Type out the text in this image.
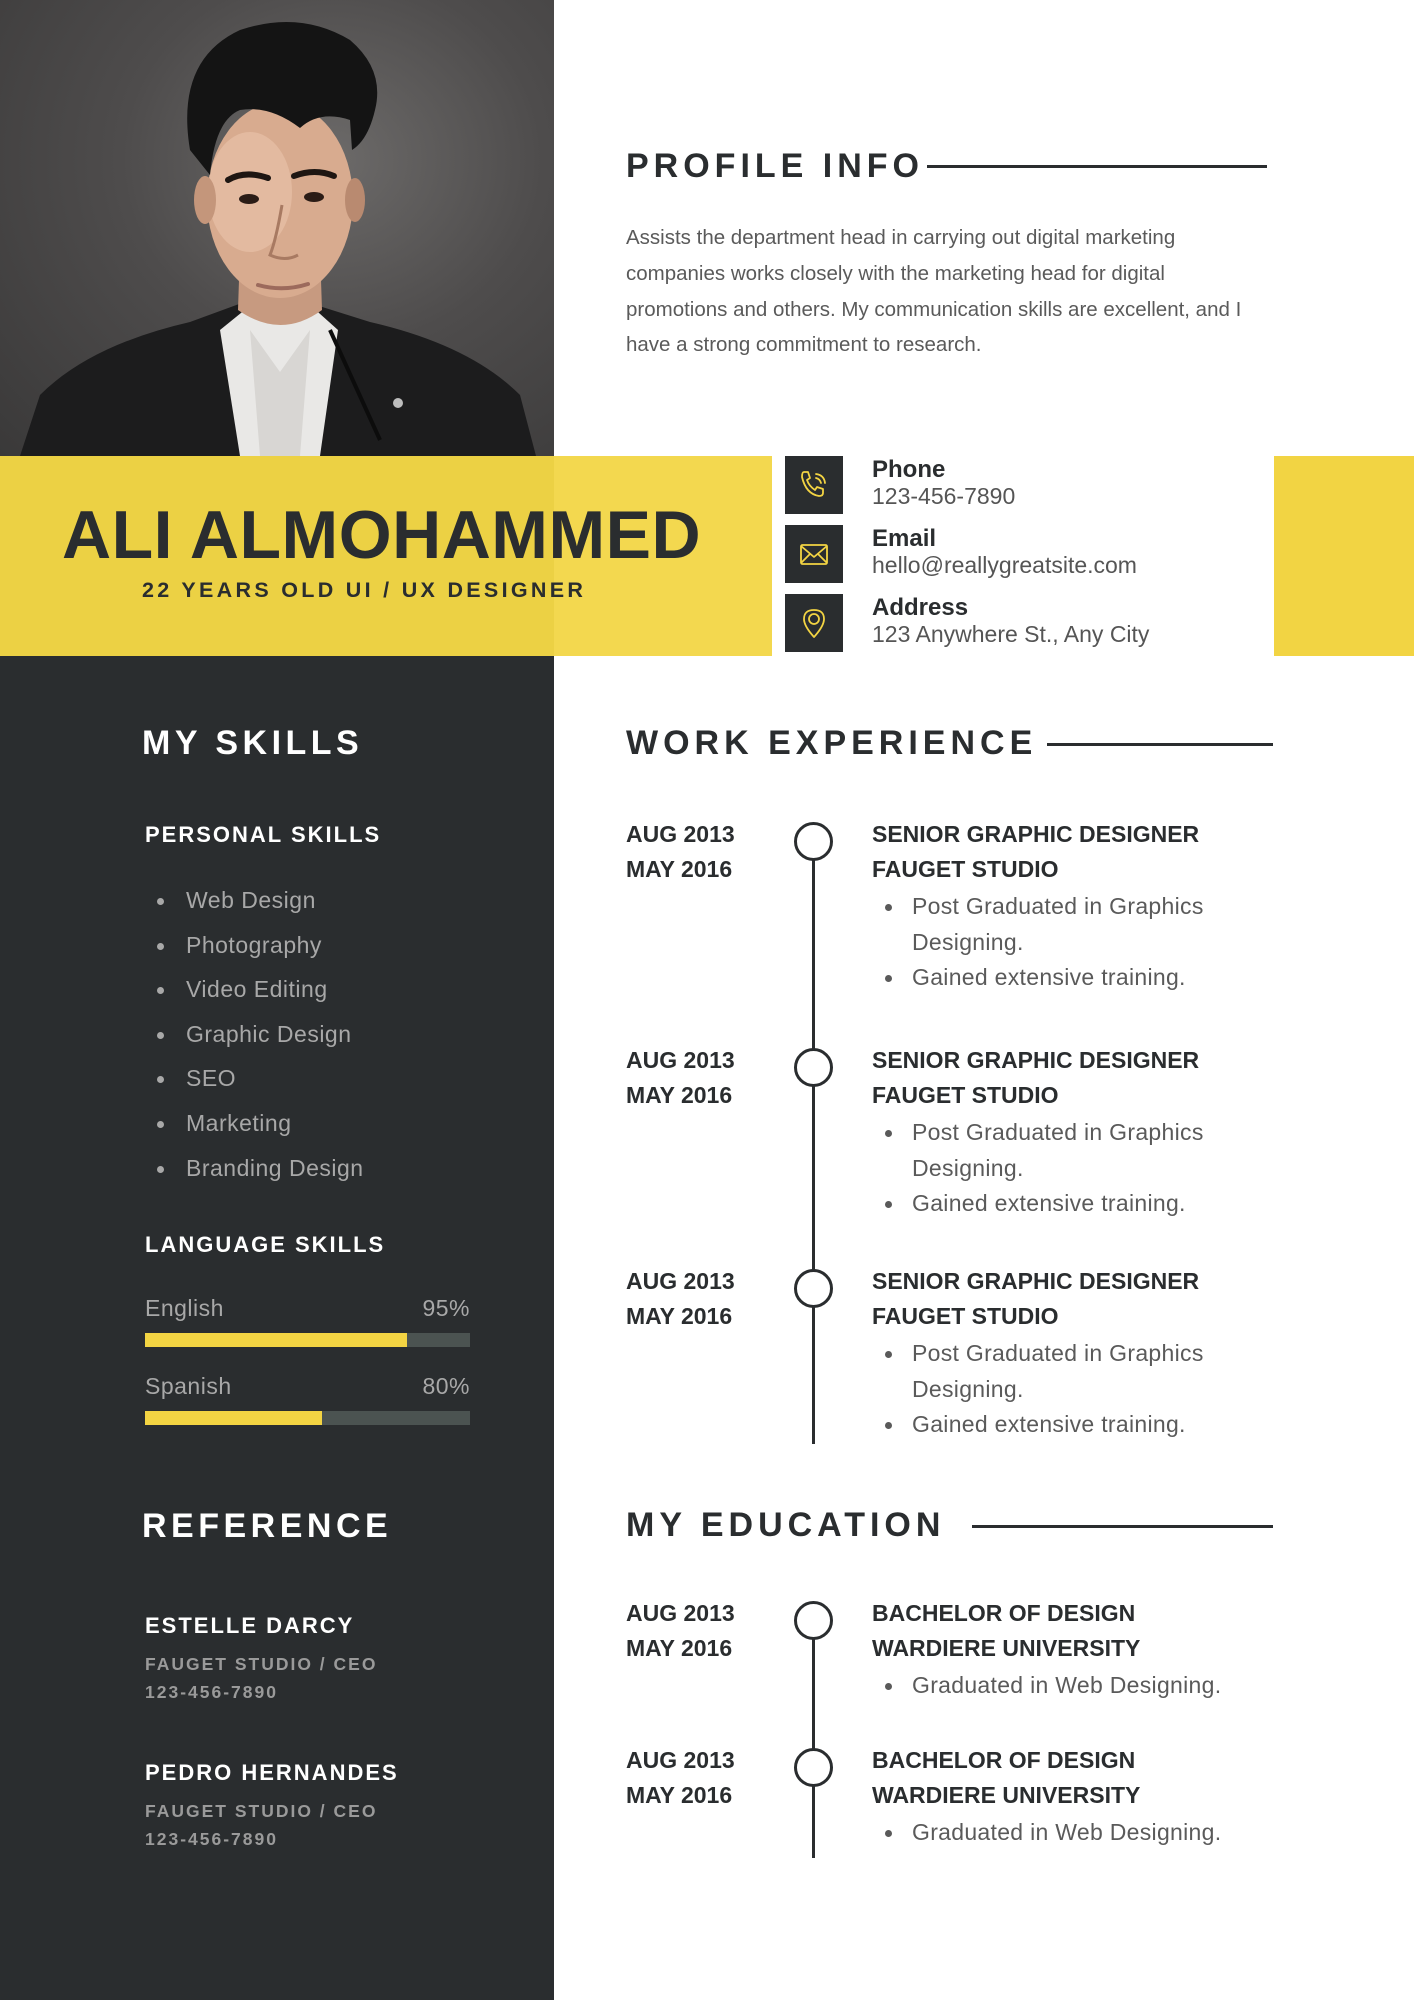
ALI ALMOHAMMED
22 YEARS OLD UI / UX DESIGNER
PROFILE INFO

Assists the department head in carrying out digital marketing companies works closely with the marketing head for digital promotions and others. My communication skills are excellent, and I have a strong commitment to research.

Phone
123-456-7890
Email
hello@reallygreatsite.com
Address
123 Anywhere St., Any City
MY SKILLS
PERSONAL SKILLS
Web Design
Photography
Video Editing
Graphic Design
SEO
Marketing
Branding Design
LANGUAGE SKILLS
English	95%
Spanish	80%
REFERENCE
ESTELLE DARCY
FAUGET STUDIO / CEO
123-456-7890
PEDRO HERNANDES
FAUGET STUDIO / CEO
123-456-7890
WORK EXPERIENCE
AUG 2013
MAY 2016
SENIOR GRAPHIC DESIGNER
FAUGET STUDIO
Post Graduated in Graphics Designing.
Gained extensive training.
AUG 2013
MAY 2016
SENIOR GRAPHIC DESIGNER
FAUGET STUDIO
Post Graduated in Graphics Designing.
Gained extensive training.
AUG 2013
MAY 2016
SENIOR GRAPHIC DESIGNER
FAUGET STUDIO
Post Graduated in Graphics Designing.
Gained extensive training.
MY EDUCATION
AUG 2013
MAY 2016
BACHELOR OF DESIGN
WARDIERE UNIVERSITY
Graduated in Web Designing.
AUG 2013
MAY 2016
BACHELOR OF DESIGN
WARDIERE UNIVERSITY
Graduated in Web Designing.
